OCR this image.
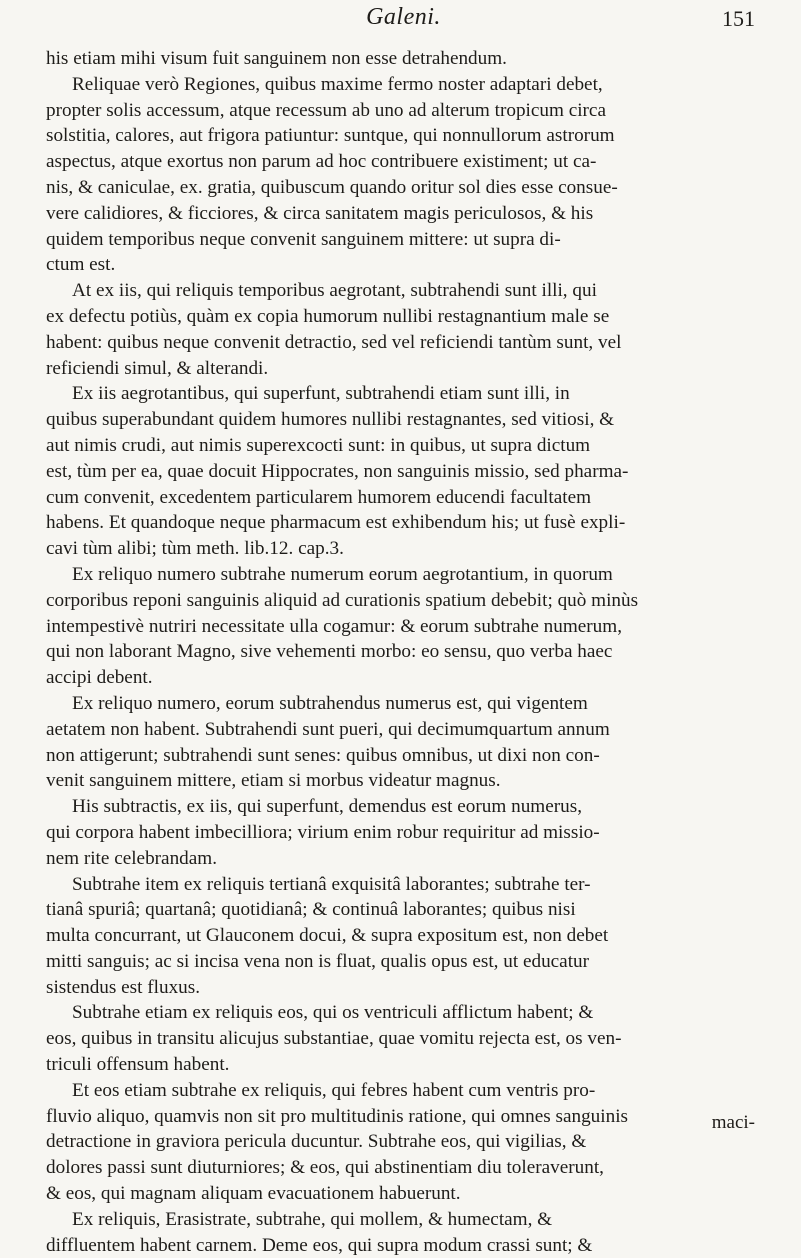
Galeni.	151
his etiam mihi visum fuit sanguinem non esse detrahendum.
Reliquae verò Regiones, quibus maxime fermo noster adaptari debet,
propter solis accessum, atque recessum ab uno ad alterum tropicum circa
solstitia, calores, aut frigora patiuntur: suntque, qui nonnullorum astrorum
aspectus, atque exortus non parum ad hoc contribuere existiment; ut ca-
nis, & caniculae, ex. gratia, quibuscum quando oritur sol dies esse consue-
vere calidiores, & ficciores, & circa sanitatem magis periculosos, & his
quidem temporibus neque convenit sanguinem mittere: ut supra di-
ctum est.
At ex iis, qui reliquis temporibus aegrotant, subtrahendi sunt illi, qui
ex defectu potiùs, quàm ex copia humorum nullibi restagnantium male se
habent: quibus neque convenit detractio, sed vel reficiendi tantùm sunt, vel
reficiendi simul, & alterandi.
Ex iis aegrotantibus, qui superfunt, subtrahendi etiam sunt illi, in
quibus superabundant quidem humores nullibi restagnantes, sed vitiosi, &
aut nimis crudi, aut nimis superexcocti sunt: in quibus, ut supra dictum
est, tùm per ea, quae docuit Hippocrates, non sanguinis missio, sed pharma-
cum convenit, excedentem particularem humorem educendi facultatem
habens. Et quandoque neque pharmacum est exhibendum his; ut fusè expli-
cavi tùm alibi; tùm meth. lib.12. cap.3.
Ex reliquo numero subtrahe numerum eorum aegrotantium, in quorum
corporibus reponi sanguinis aliquid ad curationis spatium debebit; quò minùs
intempestivè nutriri necessitate ulla cogamur: & eorum subtrahe numerum,
qui non laborant Magno, sive vehementi morbo: eo sensu, quo verba haec
accipi debent.
Ex reliquo numero, eorum subtrahendus numerus est, qui vigentem
aetatem non habent. Subtrahendi sunt pueri, qui decimumquartum annum
non attigerunt; subtrahendi sunt senes: quibus omnibus, ut dixi non con-
venit sanguinem mittere, etiam si morbus videatur magnus.
His subtractis, ex iis, qui superfunt, demendus est eorum numerus,
qui corpora habent imbecilliora; virium enim robur requiritur ad missio-
nem rite celebrandam.
Subtrahe item ex reliquis tertianâ exquisitâ laborantes; subtrahe ter-
tianâ spuriâ; quartanâ; quotidianâ; & continuâ laborantes; quibus nisi
multa concurrant, ut Glauconem docui, & supra expositum est, non debet
mitti sanguis; ac si incisa vena non is fluat, qualis opus est, ut educatur
sistendus est fluxus.
Subtrahe etiam ex reliquis eos, qui os ventriculi afflictum habent; &
eos, quibus in transitu alicujus substantiae, quae vomitu rejecta est, os ven-
triculi offensum habent.
Et eos etiam subtrahe ex reliquis, qui febres habent cum ventris pro-
fluvio aliquo, quamvis non sit pro multitudinis ratione, qui omnes sanguinis
detractione in graviora pericula ducuntur. Subtrahe eos, qui vigilias, &
dolores passi sunt diuturniores; & eos, qui abstinentiam diu toleraverunt,
& eos, qui magnam aliquam evacuationem habuerunt.
Ex reliquis, Erasistrate, subtrahe, qui mollem, & humectam, &
diffluentem habent carnem. Deme eos, qui supra modum crassi sunt; &
maci-
